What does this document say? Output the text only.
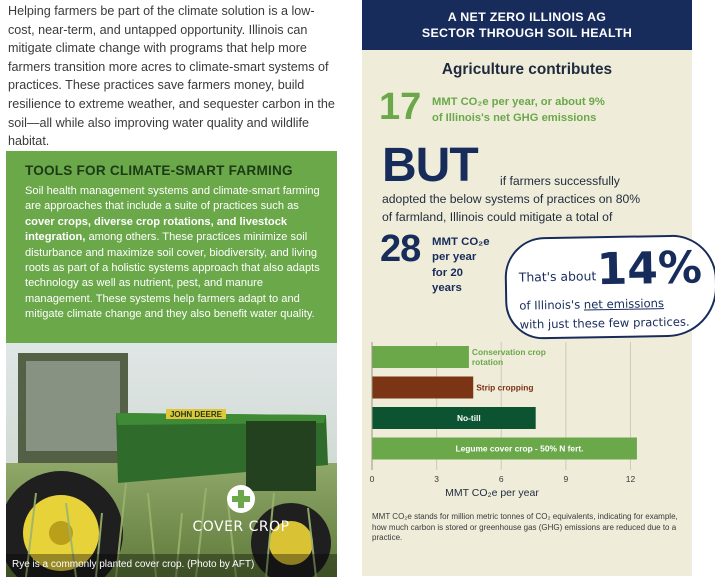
Helping farmers be part of the climate solution is a low-cost, near-term, and untapped opportunity. Illinois can mitigate climate change with programs that help more farmers transition more acres to climate-smart systems of practices. These practices save farmers money, build resilience to extreme weather, and sequester carbon in the soil—all while also improving water quality and wildlife habitat.
TOOLS FOR CLIMATE-SMART FARMING
Soil health management systems and climate-smart farming are approaches that include a suite of practices such as cover crops, diverse crop rotations, and livestock integration, among others. These practices minimize soil disturbance and maximize soil cover, biodiversity, and living roots as part of a holistic systems approach that also adapts technology as well as nutrient, pest, and manure management. These systems help farmers adapt to and mitigate climate change and they also benefit water quality.
JOHN DEERE
COVER CROP
Rye is a commonly planted cover crop. (Photo by AFT)
A NET ZERO ILLINOIS AG
SECTOR THROUGH SOIL HEALTH
Agriculture contributes
17 MMT CO₂e per year, or about 9%
of Illinois's net GHG emissions
BUT if farmers successfully
adopted the below systems of practices on 80%
of farmland, Illinois could mitigate a total of
28 MMT CO₂e
per year
for 20
years
MMT CO₂e stands for million metric tonnes of CO₂ equivalents, indicating for example, how much carbon is stored or greenhouse gas (GHG) emissions are reduced due to a practice.
That's about 14%
of Illinois's net emissions
with just these few practices.
0	3	6	9	12
Conservation crop rotation
Strip cropping
No-till
Legume cover crop - 50% N fert.
MMT CO₂e per year
